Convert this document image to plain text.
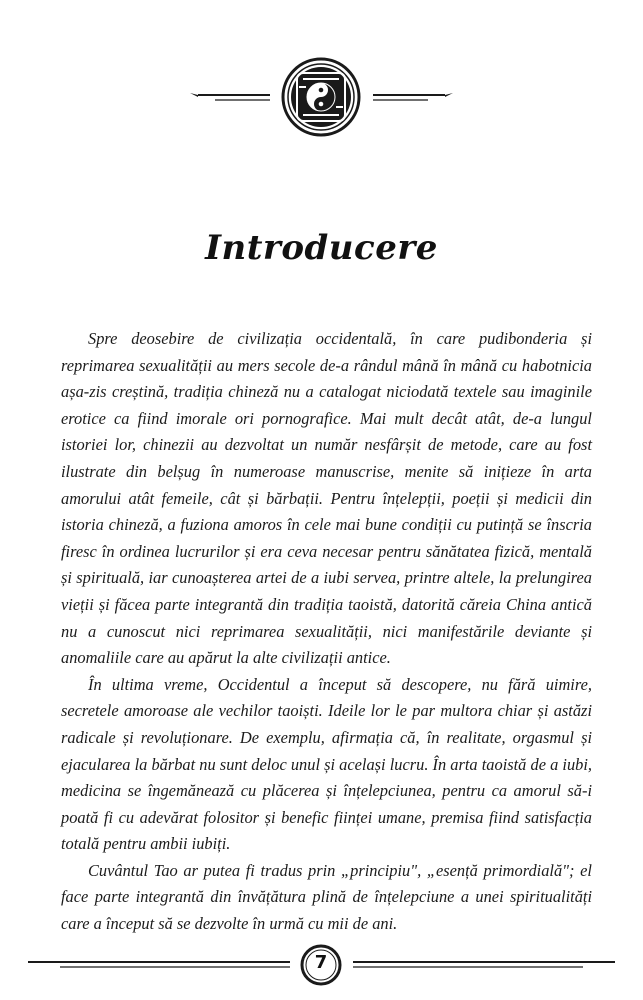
Introducere

Spre deosebire de civilizația occidentală, în care pudibonderia și reprimarea sexualității au mers secole de-a rândul mână în mână cu habotnicia așa-zis creștină, tradiția chineză nu a catalogat niciodată textele sau imaginile erotice ca fiind imorale ori pornografice. Mai mult decât atât, de-a lungul istoriei lor, chinezii au dezvoltat un număr nesfârșit de metode, care au fost ilustrate din belșug în numeroase manuscrise, menite să inițieze în arta amorului atât femeile, cât și bărbații. Pentru înțelepții, poeții și medicii din istoria chineză, a fuziona amoros în cele mai bune condiții cu putință se înscria firesc în ordinea lucrurilor și era ceva necesar pentru sănătatea fizică, mentală și spirituală, iar cunoașterea artei de a iubi servea, printre altele, la prelungirea vieții și făcea parte integrantă din tradiția taoistă, datorită căreia China antică nu a cunoscut nici reprimarea sexualității, nici manifestările deviante și anomaliile care au apărut la alte civilizații antice.

În ultima vreme, Occidentul a început să descopere, nu fără uimire, secretele amoroase ale vechilor taoiști. Ideile lor le par multora chiar și astăzi radicale și revoluționare. De exemplu, afirmația că, în realitate, orgasmul și ejacularea la bărbat nu sunt deloc unul și același lucru. În arta taoistă de a iubi, medicina se îngemănează cu plăcerea și înțelepciunea, pentru ca amorul să-i poată fi cu adevărat folositor și benefic ființei umane, premisa fiind satisfacția totală pentru ambii iubiți.

Cuvântul Tao ar putea fi tradus prin „principiu", „esență primordială"; el face parte integrantă din învățătura plină de înțelepciune a unei spiritualități care a început să se dezvolte în urmă cu mii de ani.

7
